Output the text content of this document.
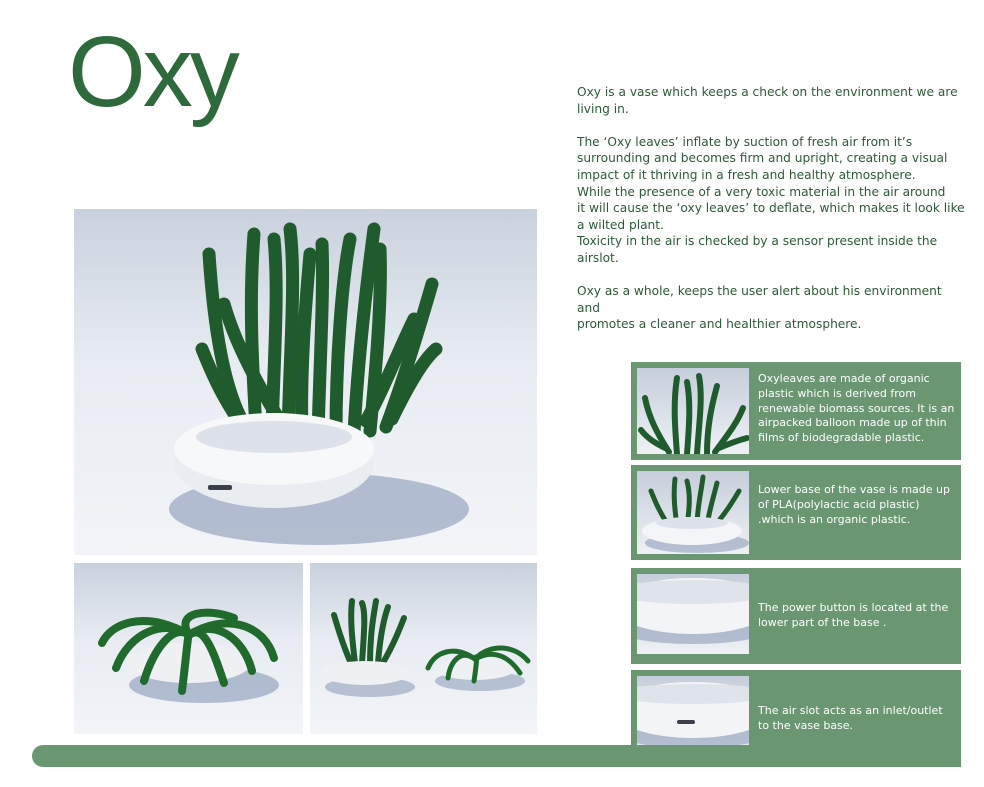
Oxy	Oxy is a vase which keeps a check on the environment we are
living in.

The ‘Oxy leaves’ inflate by suction of fresh air from it’s
surrounding and becomes firm and upright, creating a visual
impact of it thriving in a fresh and healthy atmosphere.
While the presence of a very toxic material in the air around
it will cause the ‘oxy leaves’ to deflate, which makes it look like
a wilted plant.
Toxicity in the air is checked by a sensor present inside the airslot.

Oxy as a whole, keeps the user alert about his environment and
promotes a cleaner and healthier atmosphere.

Oxyleaves are made of organic plastic which is derived from renewable biomass sources. It is an airpacked balloon made up of thin films of biodegradable plastic.
Lower base of the vase is made up of PLA(polylactic acid plastic) .which is an organic plastic.
The power button is located at the lower part of the base .
The air slot acts as an inlet/outlet to the vase base.
